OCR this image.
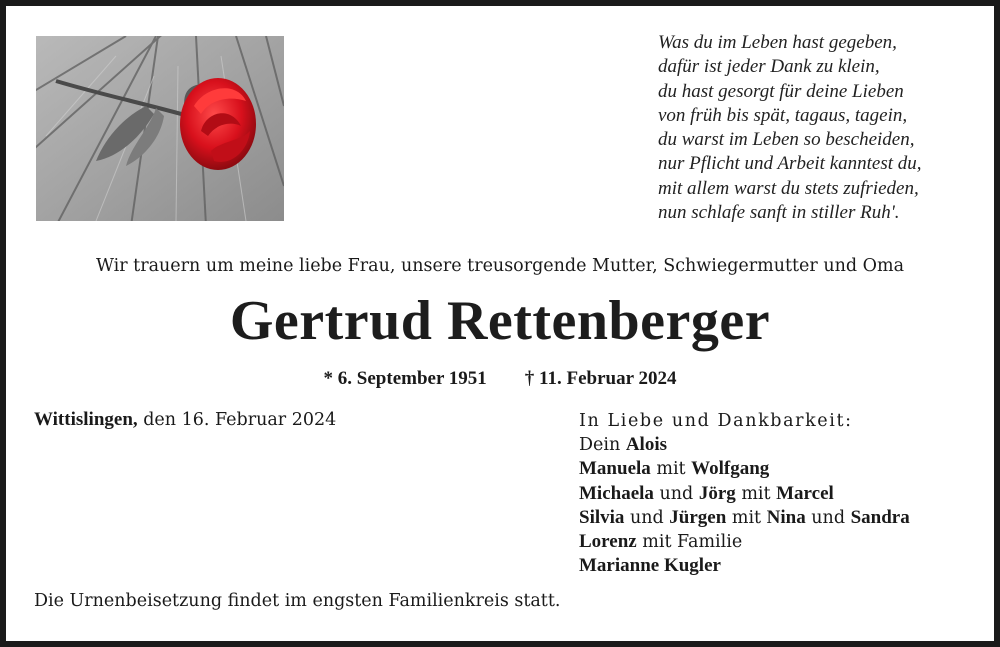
Was du im Leben hast gegeben,
dafür ist jeder Dank zu klein,
du hast gesorgt für deine Lieben
von früh bis spät, tagaus, tagein,
du warst im Leben so bescheiden,
nur Pflicht und Arbeit kanntest du,
mit allem warst du stets zufrieden,
nun schlafe sanft in stiller Ruh'.
Wir trauern um meine liebe Frau, unsere treusorgende Mutter, Schwiegermutter und Oma
Gertrud Rettenberger
* 6. September 1951 † 11. Februar 2024
Wittislingen, den 16. Februar 2024	In Liebe und Dankbarkeit:
Dein Alois
Manuela mit Wolfgang
Michaela und Jörg mit Marcel
Silvia und Jürgen mit Nina und Sandra
Lorenz mit Familie
Marianne Kugler
Die Urnenbeisetzung findet im engsten Familienkreis statt.
